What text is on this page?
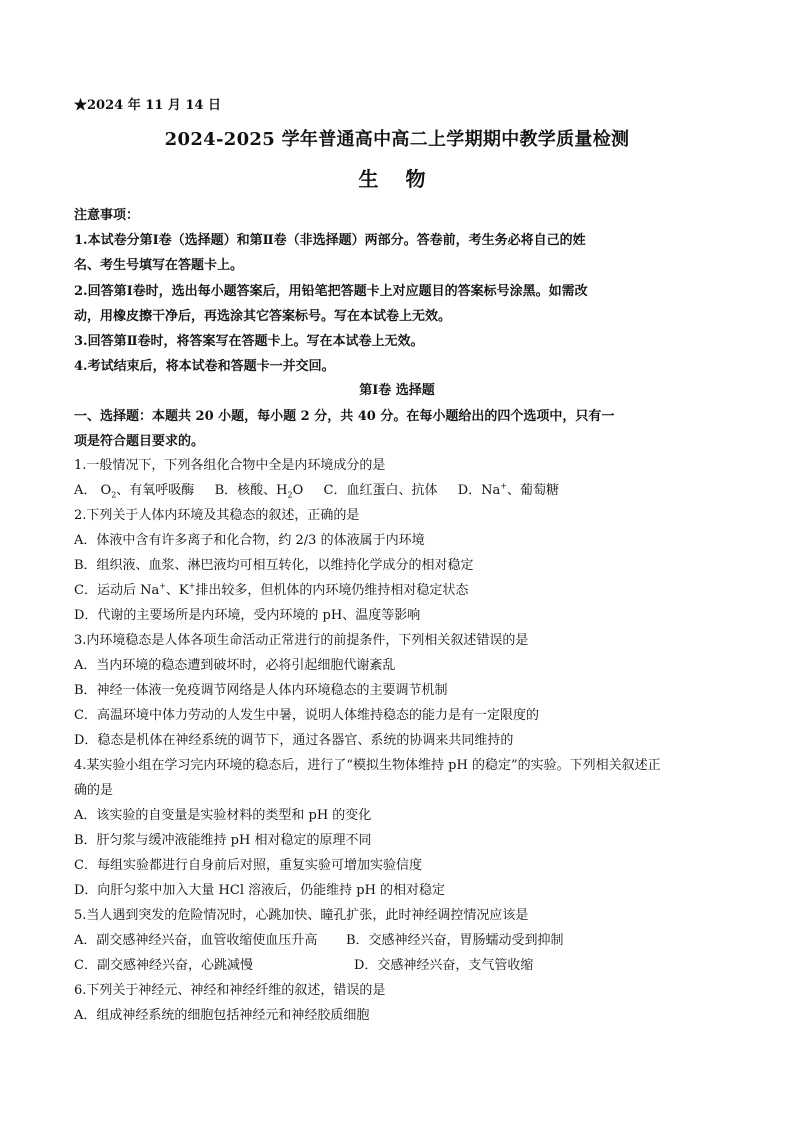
★2024 年 11 月 14 日
2024-2025 学年普通高中高二上学期期中教学质量检测
生 物
注意事项：
1.本试卷分第Ⅰ卷（选择题）和第Ⅱ卷（非选择题）两部分。答卷前，考生务必将自己的姓
名、考生号填写在答题卡上。
2.回答第Ⅰ卷时，选出每小题答案后，用铅笔把答题卡上对应题目的答案标号涂黑。如需改
动，用橡皮擦干净后，再选涂其它答案标号。写在本试卷上无效。
3.回答第Ⅱ卷时，将答案写在答题卡上。写在本试卷上无效。
4.考试结束后，将本试卷和答题卡一并交回。
第Ⅰ卷 选择题
一、选择题：本题共 20 小题，每小题 2 分，共 40 分。在每小题给出的四个选项中，只有一
项是符合题目要求的。
1.一般情况下，下列各组化合物中全是内环境成分的是
A． $O_2$、有氧呼吸酶 B．核酸、$H_2O$ C．血红蛋白、抗体 D．Na+、葡萄糖
2.下列关于人体内环境及其稳态的叙述，正确的是
A．体液中含有许多离子和化合物，约 2/3 的体液属于内环境
B．组织液、血浆、淋巴液均可相互转化，以维持化学成分的相对稳定
C．运动后 Na+、K+排出较多，但机体的内环境仍维持相对稳定状态
D．代谢的主要场所是内环境，受内环境的 pH、温度等影响
3.内环境稳态是人体各项生命活动正常进行的前提条件，下列相关叙述错误的是
A．当内环境的稳态遭到破坏时，必将引起细胞代谢紊乱
B．神经一体液一免疫调节网络是人体内环境稳态的主要调节机制
C．高温环境中体力劳动的人发生中暑，说明人体维持稳态的能力是有一定限度的
D．稳态是机体在神经系统的调节下，通过各器官、系统的协调来共同维持的
4.某实验小组在学习完内环境的稳态后，进行了“模拟生物体维持 pH 的稳定”的实验。下列相关叙述正
确的是
A．该实验的自变量是实验材料的类型和 pH 的变化
B．肝匀浆与缓冲液能维持 pH 相对稳定的原理不同
C．每组实验都进行自身前后对照，重复实验可增加实验信度
D．向肝匀浆中加入大量 HCl 溶液后，仍能维持 pH 的相对稳定
5.当人遇到突发的危险情况时，心跳加快、瞳孔扩张，此时神经调控情况应该是
A．副交感神经兴奋，血管收缩使血压升高 B．交感神经兴奋，胃肠蠕动受到抑制
C．副交感神经兴奋，心跳减慢	D．交感神经兴奋，支气管收缩
6.下列关于神经元、神经和神经纤维的叙述，错误的是
A．组成神经系统的细胞包括神经元和神经胶质细胞
